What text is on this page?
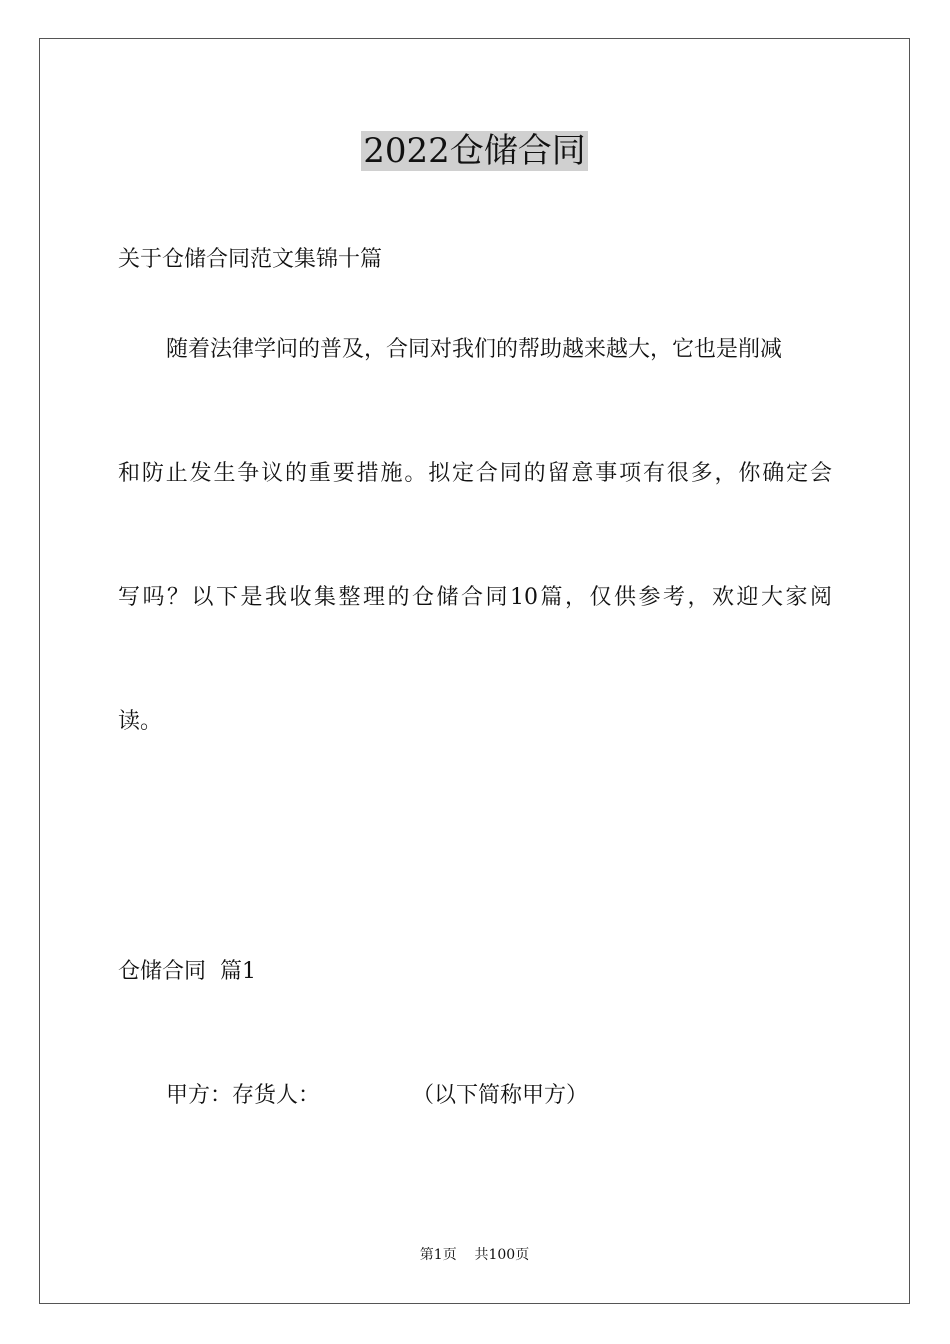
2022仓储合同
关于仓储合同范文集锦十篇
随着法律学问的普及，合同对我们的帮助越来越大，它也是削减
和防止发生争议的重要措施。拟定合同的留意事项有很多，你确定会
写吗？以下是我收集整理的仓储合同10篇，仅供参考，欢迎大家阅
读。
仓储合同  篇1
甲方：存货人：	（以下简称甲方）
第1页    共100页
